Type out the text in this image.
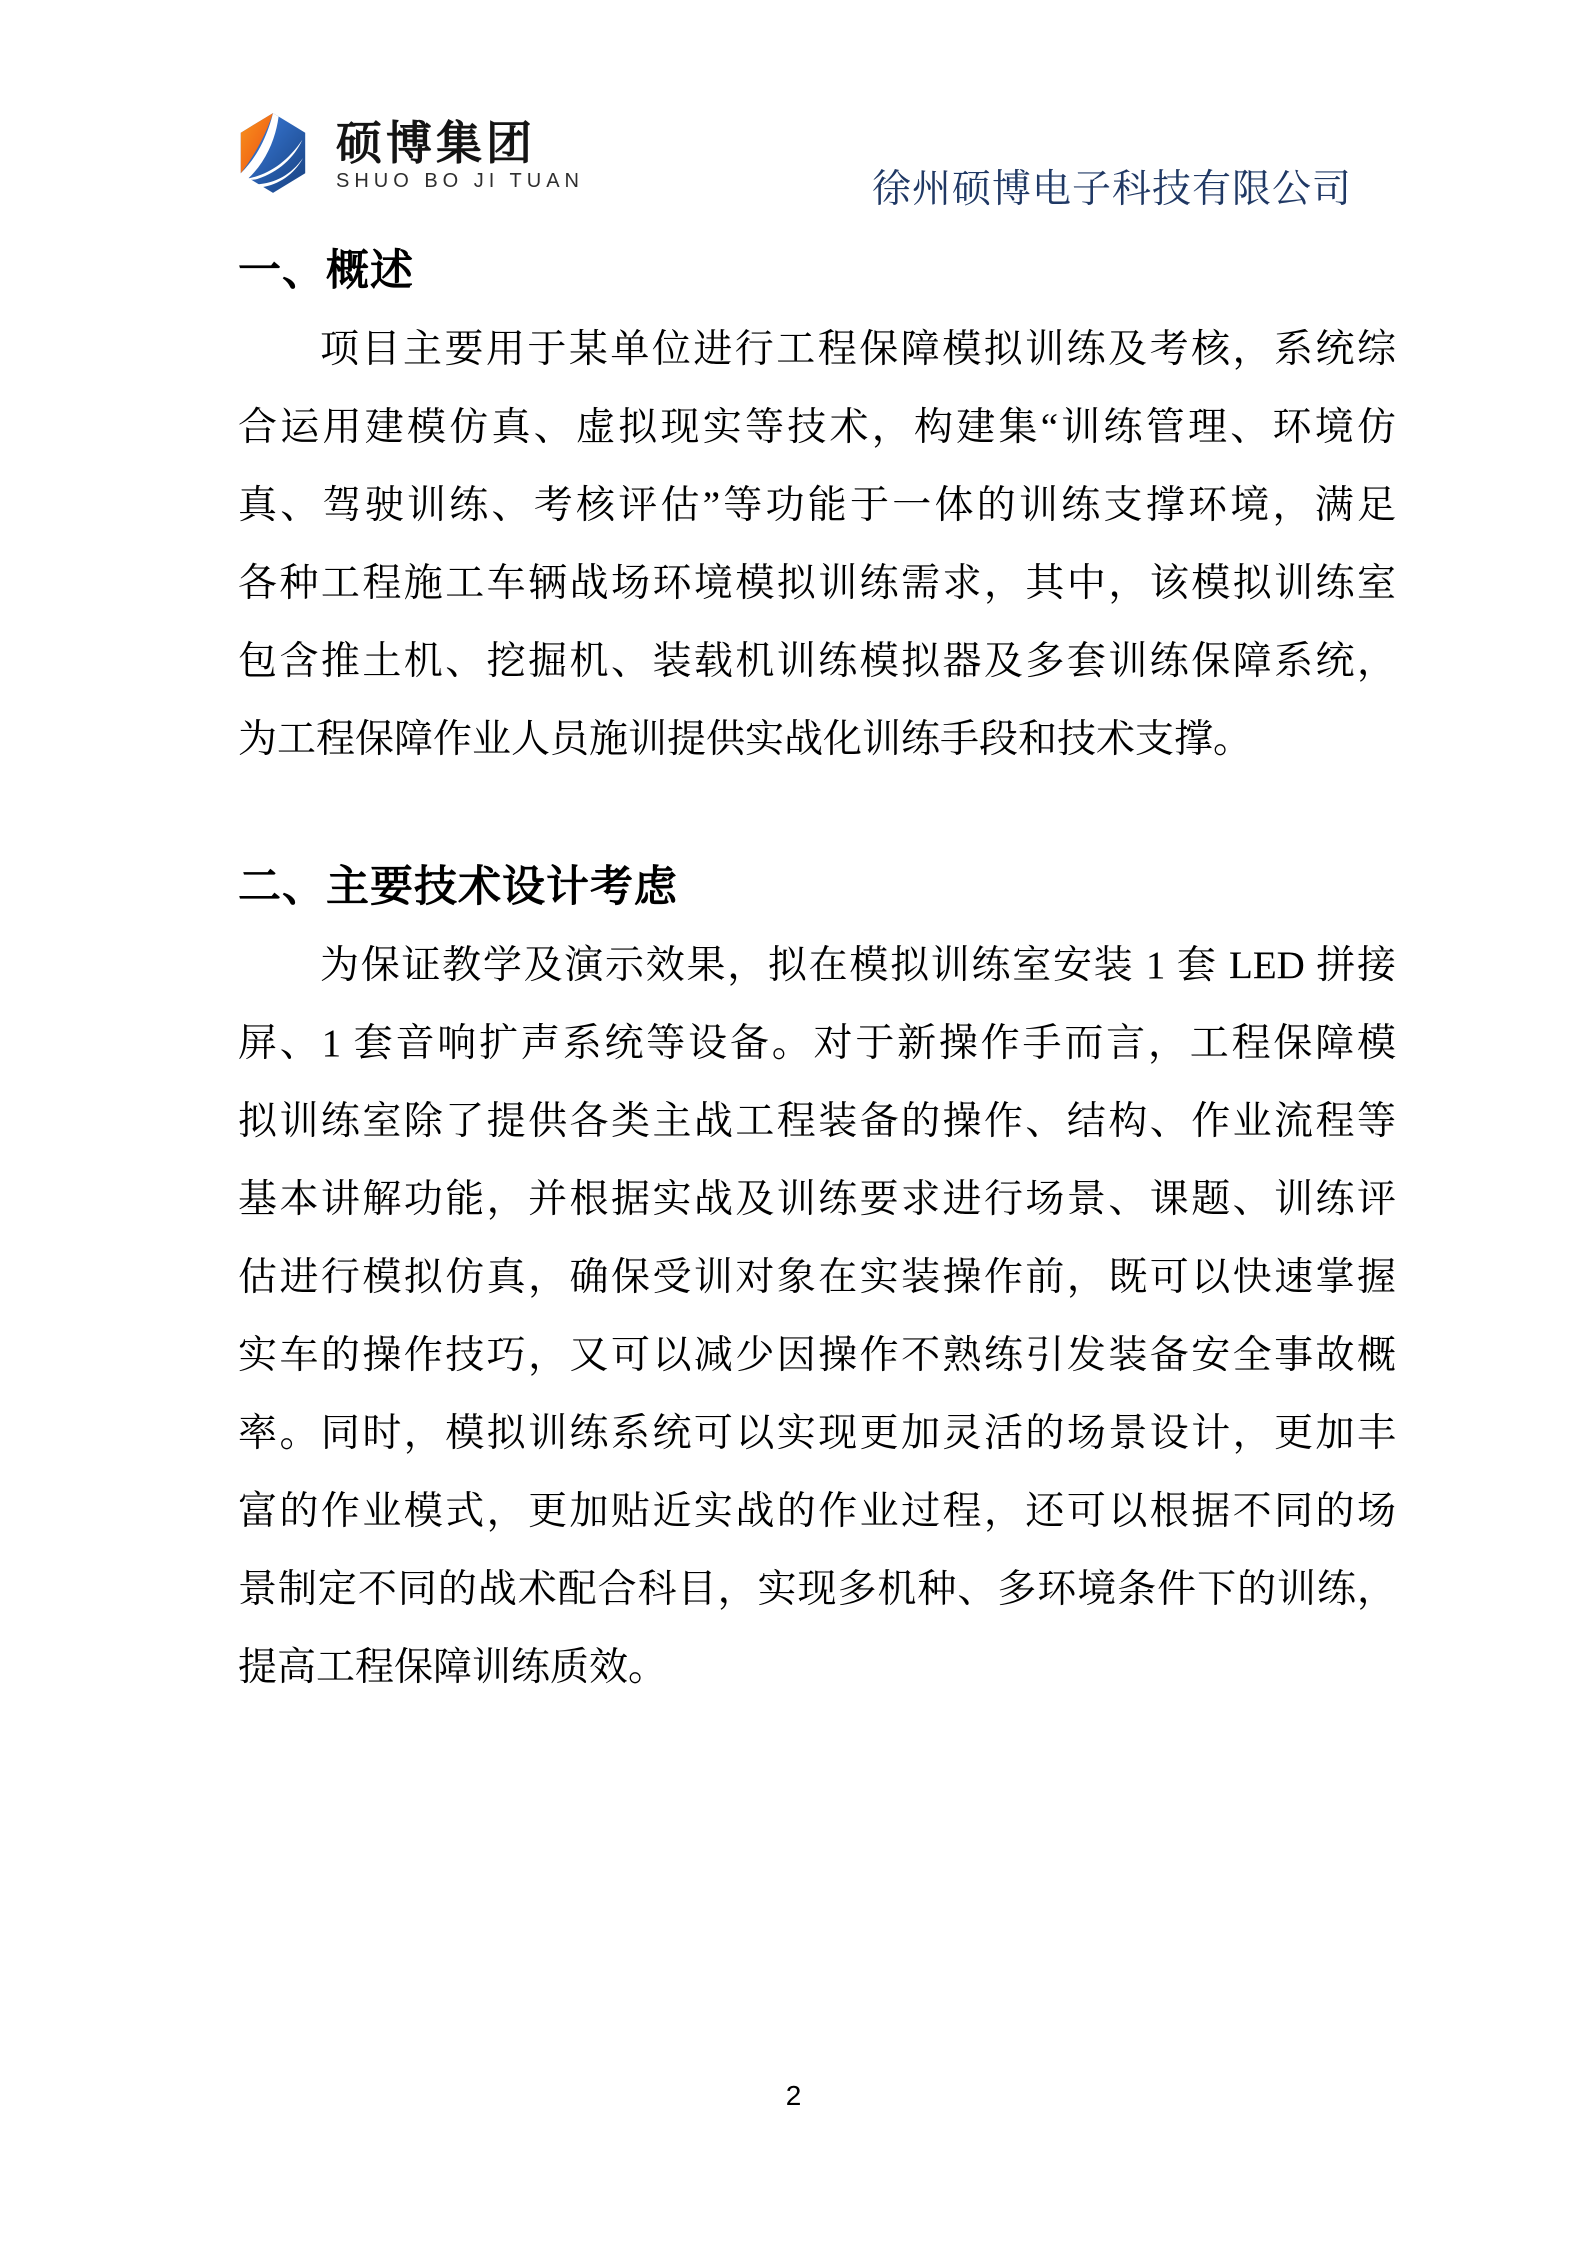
硕博集团
SHUO BO JI TUAN	徐州硕博电子科技有限公司
一、概述
项目主要用于某单位进行工程保障模拟训练及考核，系统综
合运用建模仿真、虚拟现实等技术，构建集“训练管理、环境仿
真、驾驶训练、考核评估”等功能于一体的训练支撑环境，满足
各种工程施工车辆战场环境模拟训练需求，其中，该模拟训练室
包含推土机、挖掘机、装载机训练模拟器及多套训练保障系统，
为工程保障作业人员施训提供实战化训练手段和技术支撑。
二、主要技术设计考虑
为保证教学及演示效果，拟在模拟训练室安装 1 套 LED 拼接
屏、1 套音响扩声系统等设备。对于新操作手而言，工程保障模
拟训练室除了提供各类主战工程装备的操作、结构、作业流程等
基本讲解功能，并根据实战及训练要求进行场景、课题、训练评
估进行模拟仿真，确保受训对象在实装操作前，既可以快速掌握
实车的操作技巧，又可以减少因操作不熟练引发装备安全事故概
率。同时，模拟训练系统可以实现更加灵活的场景设计，更加丰
富的作业模式，更加贴近实战的作业过程，还可以根据不同的场
景制定不同的战术配合科目，实现多机种、多环境条件下的训练，
提高工程保障训练质效。
2
